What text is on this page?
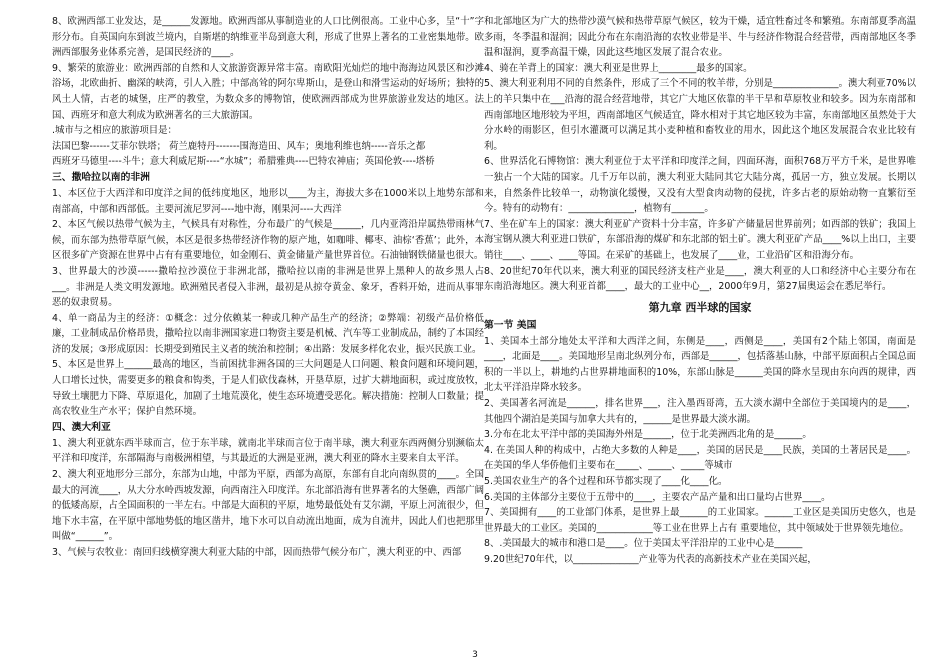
8、欧洲西部工业发达，是______发源地。欧洲西部从事制造业的人口比例很高。工业中心多，呈“十”字形分布。自英国向东到波兰境内，自斯堪的纳维亚半岛到意大利，形成了世界上著名的工业密集地带。欧洲西部服务业体系完善，是国民经济的____。

9、繁荣的旅游业：欧洲西部的自然和人文旅游资源异常丰富。南欧阳光灿烂的地中海海边风景区和沙滩浴场，北欧曲折、幽深的峡湾，引人入胜；中部高耸的阿尔卑斯山，是登山和滑雪运动的好场所；独特的风土人情，古老的城堡，庄严的教堂，为数众多的博物馆，使欧洲西部成为世界旅游业发达的地区。法国、西班牙和意大利成为欧洲著名的三大旅游国。

.城市与之相应的旅游项目是：

法国巴黎------艾菲尔铁塔； 荷兰鹿特丹-------围海造田、风车；奥地利维也纳-----音乐之都

西班牙马德里----斗牛；意大利威尼斯----“水城”；希腊雅典----巴特农神庙；英国伦敦----塔桥

三、撒哈拉以南的非洲

1、本区位于大西洋和印度洋之间的低纬度地区，地形以____为主，海拔大多在1000米以上地势东部和南部高，中部和西部低。主要河流尼罗河----地中海，刚果河----大西洋

2、本区气候以热带气候为主，气候具有对称性，分布最广的气候是______，几内亚湾沿岸属热带雨林气候，而东部为热带草原气候，本区是很多热带经济作物的原产地，如咖啡、椰枣、油棕‘香蕉’；此外，本区很多矿产资源在世界中占有有重要地位，如金刚石、黄金储量产量世界首位。石油铀钢铁储量也很大。

3、世界最大的沙漠------撒哈拉沙漠位于非洲北部，撒哈拉以南的非洲是世界上黑种人的故乡黑人占___。非洲是人类文明发源地。欧洲殖民者侵入非洲，最初是从掠夺黄金、象牙，香料开始，进而从事罪恶的奴隶贸易。

4、单一商品为主的经济：①概念：过分依赖某一种或几种产品生产的经济；②弊端：初级产品价格低廉，工业制成品价格昂贵，撒哈拉以南非洲国家进口物资主要是机械、汽车等工业制成品，制约了本国经济的发展；③形成原因：长期受到殖民主义者的统治和控制；④出路：发展多样化农业，振兴民族工业。

5、本区是世界上______最高的地区，当前困扰非洲各国的三大问题是人口问题、粮食问题和环境问题，人口增长过快，需要更多的粮食和钩类，于是人们砍伐森林，开垦草原，过扩大耕地面积，或过度放牧，导致土壤肥力下降、草原退化，加剧了土地荒漠化，使生态环境遭受恶化。解决措施：控制人口数量；提高农牧业生产水平；保护自然环境。

四、澳大利亚

1、澳大利亚就东西半球而言，位于东半球，就南北半球而言位于南半球，澳大利亚东西两侧分别濒临太平洋和印度洋，东部隔海与南极洲相望，与其最近的大洲是亚洲，澳大利亚的降水主要来自太平洋。

2、澳大利亚地形分三部分，东部为山地，中部为平原，西部为高原，东部有自北向南纵贯的____。全国最大的河流____，从大分水岭西坡发源，向西南注入印度洋。东北部沿海有世界著名的大堡礁，西部广阔的低矮高原，占全国面积的一半左右。中部是大面积的平原，地势最低处有艾尔湖，平原上河流很少，但地下水丰富，在平原中部地势低的地区凿井，地下水可以自动流出地面，成为自流井，因此人们也把那里叫做“______”。

3、气候与农牧业：南回归线横穿澳大利亚大陆的中部，因而热带气候分布广，澳大利亚的中、西部

和北部地区为广大的热带沙漠气候和热带草原气候区，较为干燥，适宜牲畜过冬和繁殖。东南部夏季高温多雨，冬季温和湿润；因此分布在东南沿海的农牧业带是半、牛与经济作物混合经营带，西南部地区冬季温和湿润，夏季高温干燥，因此这些地区发展了混合农业。

4、骑在羊背上的国家：澳大利亚是世界上________最多的国家。

5、澳大利亚利用不同的自然条件，形成了三个不同的牧羊带，分别是______________。澳大利亚70%以上的羊只集中在___沿海的混合经营地带，其它广大地区依靠的半干旱和草原牧业和较多。因为东南部和西南部地区地形较为平坦，西南部地区气候适宜，降水相对于其它地区较为丰富，东南部地区虽然处于大分水岭的雨影区，但引水灌溉可以满足其小麦种植和畜牧业的用水，因此这个地区发展混合农业比较有利。

6、世界活化石博物馆：澳大利亚位于太平洋和印度洋之间，四面环海，面积768万平方千米，是世界唯一独占一个大陆的国家。几千万年以前，澳大利亚大陆同其它大陆分离，孤居一方，独立发展。长期以来，自然条件比较单一，动物演化缓慢，又没有大型食肉动物的侵扰，许多古老的原始动物一直繁衍至今。特有的动物有：______________，植物有_______。

7、坐在矿车上的国家：澳大利亚矿产资料十分丰富，许多矿产储量居世界前列；如西部的铁矿；我国上海宝钢从澳大利亚进口铁矿，东部沿海的煤矿和东北部的铝土矿。澳大利亚矿产品____%以上出口，主要销往____、____、____等国。在采矿的基础上，也发展了____业，工业沿矿区和沿海分布。

8、20世纪70年代以来，澳大利亚的国民经济支柱产业是____，澳大利亚的人口和经济中心主要分布在东南沿海地区。澳大利亚首都____，最大的工业中心__，2000年9月，第27届奥运会在悉尼举行。

第九章 西半球的国家
第一节 美国

1、美国本土部分地处太平洋和大西洋之间，东侧是____，西侧是____，美国有2个陆上邻国，南面是____，北面是____。美国地形呈南北纵列分布，西部是______，包括落基山脉，中部平原面积占全国总面积的一半以上，耕地约占世界耕地面积的10%，东部山脉是______美国的降水呈现由东向西的规律，西北太平洋沿岸降水较多。

2、美国著名河流是______，排名世界___，注入墨西哥湾，五大淡水湖中全部位于美国境内的是____，其他四个湖泊是美国与加拿大共有的，______是世界最大淡水湖。

3.分布在北太平洋中部的美国海外州是______，位于北美洲西北角的是______。

4. 在美国人种的构成中，占绝大多数的人种是____，美国的居民是____民族，美国的土著居民是____。在美国的华人华侨他们主要布在_____、_____、_____等城市

5.美国农业生产的各个过程和环节都实现了____化____化。

6.美国的主体部分主要位于五带中的____，主要农产品产量和出口量均占世界____。

7、美国拥有____的工业部门体系，是世界上最______的工业国家。______工业区是美国历史悠久，也是世界最大的工业区。美国的____________等工业在世界上占有 重要地位，其中领域处于世界领先地位。

8、.美国最大的城市和港口是____。位于美国太平洋沿岸的工业中心是______

9.20世纪70年代，以______________产业等为代表的高新技术产业在美国兴起，

3
